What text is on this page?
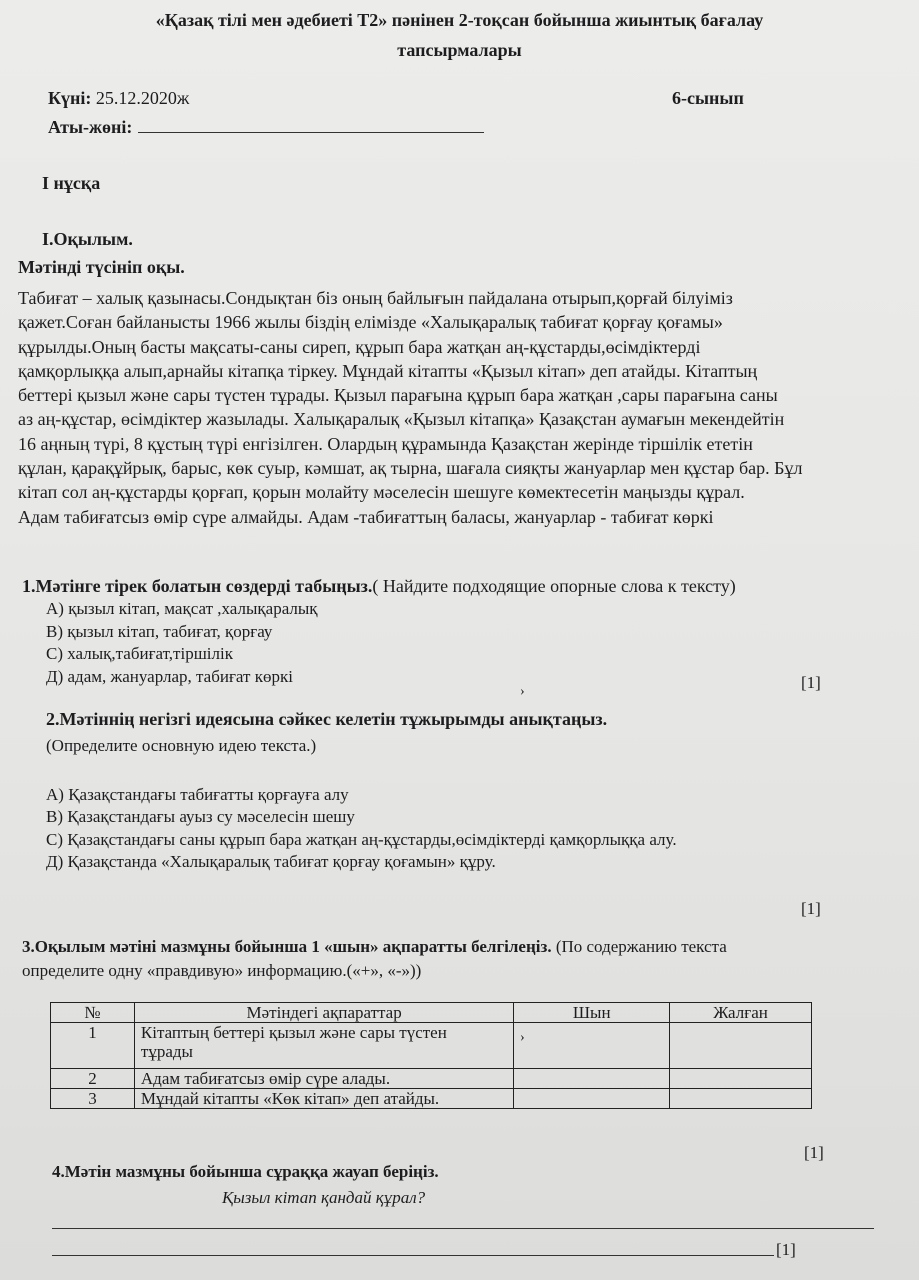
«Қазақ тілі мен әдебиеті Т2» пәнінен 2-тоқсан бойынша жиынтық бағалау
тапсырмалары
Күні: 25.12.2020ж	6-сынып
Аты-жөні:
І нұсқа
І.Оқылым.
Мәтінді түсініп оқы.
Табиғат – халық қазынасы.Сондықтан біз оның байлығын пайдалана отырып,қорғай білуіміз
қажет.Соған байланысты 1966 жылы біздің елімізде «Халықаралық табиғат қорғау қоғамы»
құрылды.Оның басты мақсаты-саны сиреп, құрып бара жатқан аң-құстарды,өсімдіктерді
қамқорлыққа алып,арнайы кітапқа тіркеу. Мұндай кітапты «Қызыл кітап» деп атайды. Кітаптың
беттері қызыл және сары түстен тұрады. Қызыл парағына құрып бара жатқан ,сары парағына саны
аз аң-құстар, өсімдіктер жазылады. Халықаралық «Қызыл кітапқа» Қазақстан аумағын мекендейтін
16 аңның түрі, 8 құстың түрі енгізілген. Олардың құрамында Қазақстан жерінде тіршілік ететін
құлан, қарақұйрық, барыс, көк суыр, кәмшат, ақ тырна, шағала сияқты жануарлар мен құстар бар. Бұл
кітап сол аң-құстарды қорғап, қорын молайту мәселесін шешуге көмектесетін маңызды құрал.
Адам табиғатсыз өмір сүре алмайды. Адам -табиғаттың баласы, жануарлар - табиғат көркі
1.Мәтінге тірек болатын сөздерді табыңыз.( Найдите подходящие опорные слова к тексту)
А) қызыл кітап, мақсат ,халықаралық
В) қызыл кітап, табиғат, қорғау
С) халық,табиғат,тіршілік
Д) адам, жануарлар, табиғат көркі	[1]
›
2.Мәтіннің негізгі идеясына сәйкес келетін тұжырымды анықтаңыз.
(Определите основную идею текста.)
А) Қазақстандағы табиғатты қорғауға алу
В) Қазақстандағы ауыз су мәселесін шешу
С) Қазақстандағы саны құрып бара жатқан аң-құстарды,өсімдіктерді қамқорлыққа алу.
Д) Қазақстанда «Халықаралық табиғат қорғау қоғамын» құру.
[1]
3.Оқылым мәтіні мазмұны бойынша 1 «шын» ақпаратты белгілеңіз. (По содержанию текста
определите одну «правдивую» информацию.(«+», «-»))
№	Мәтіндегі ақпараттар	Шын	Жалған
1	Кітаптың беттері қызыл және сары түстен
тұрады		

2	Адам табиғатсыз өмір сүре алады.		
3	Мұндай кітапты «Көк кітап» деп атайды.		
›
[1]
4.Мәтін мазмұны бойынша сұраққа жауап беріңіз.
Қызыл кітап қандай құрал?
[1]
